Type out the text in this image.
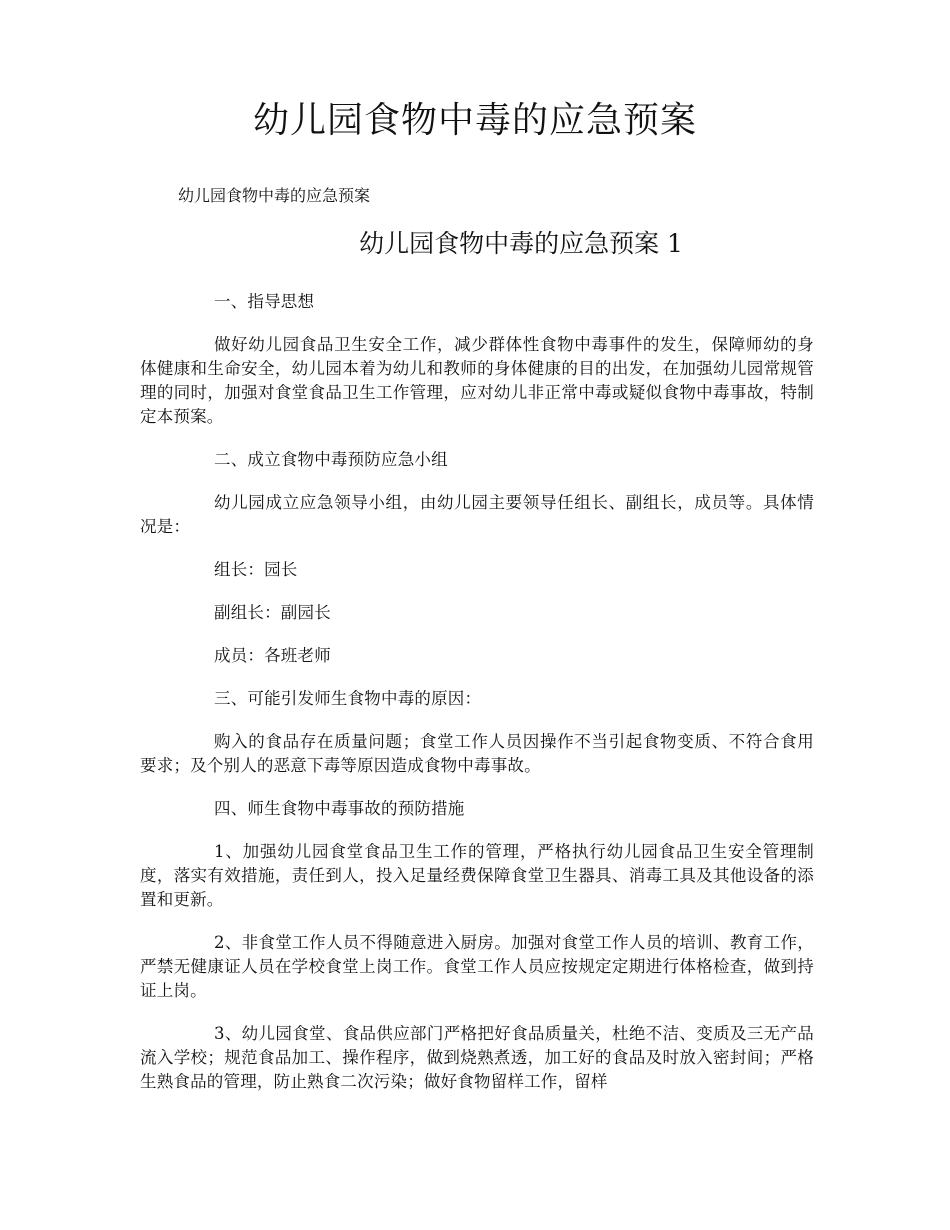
幼儿园食物中毒的应急预案
幼儿园食物中毒的应急预案
幼儿园食物中毒的应急预案 1

一、指导思想

做好幼儿园食品卫生安全工作，减少群体性食物中毒事件的发生，保障师幼的身体健康和生命安全，幼儿园本着为幼儿和教师的身体健康的目的出发，在加强幼儿园常规管理的同时，加强对食堂食品卫生工作管理，应对幼儿非正常中毒或疑似食物中毒事故，特制定本预案。

二、成立食物中毒预防应急小组

幼儿园成立应急领导小组，由幼儿园主要领导任组长、副组长，成员等。具体情况是：

组长：园长

副组长：副园长

成员：各班老师

三、可能引发师生食物中毒的原因：

购入的食品存在质量问题；食堂工作人员因操作不当引起食物变质、不符合食用要求；及个别人的恶意下毒等原因造成食物中毒事故。

四、师生食物中毒事故的预防措施

1、加强幼儿园食堂食品卫生工作的管理，严格执行幼儿园食品卫生安全管理制度，落实有效措施，责任到人，投入足量经费保障食堂卫生器具、消毒工具及其他设备的添置和更新。

2、非食堂工作人员不得随意进入厨房。加强对食堂工作人员的培训、教育工作，严禁无健康证人员在学校食堂上岗工作。食堂工作人员应按规定定期进行体格检查，做到持证上岗。

3、幼儿园食堂、食品供应部门严格把好食品质量关，杜绝不洁、变质及三无产品流入学校；规范食品加工、操作程序，做到烧熟煮透，加工好的食品及时放入密封间；严格生熟食品的管理，防止熟食二次污染；做好食物留样工作，留样
